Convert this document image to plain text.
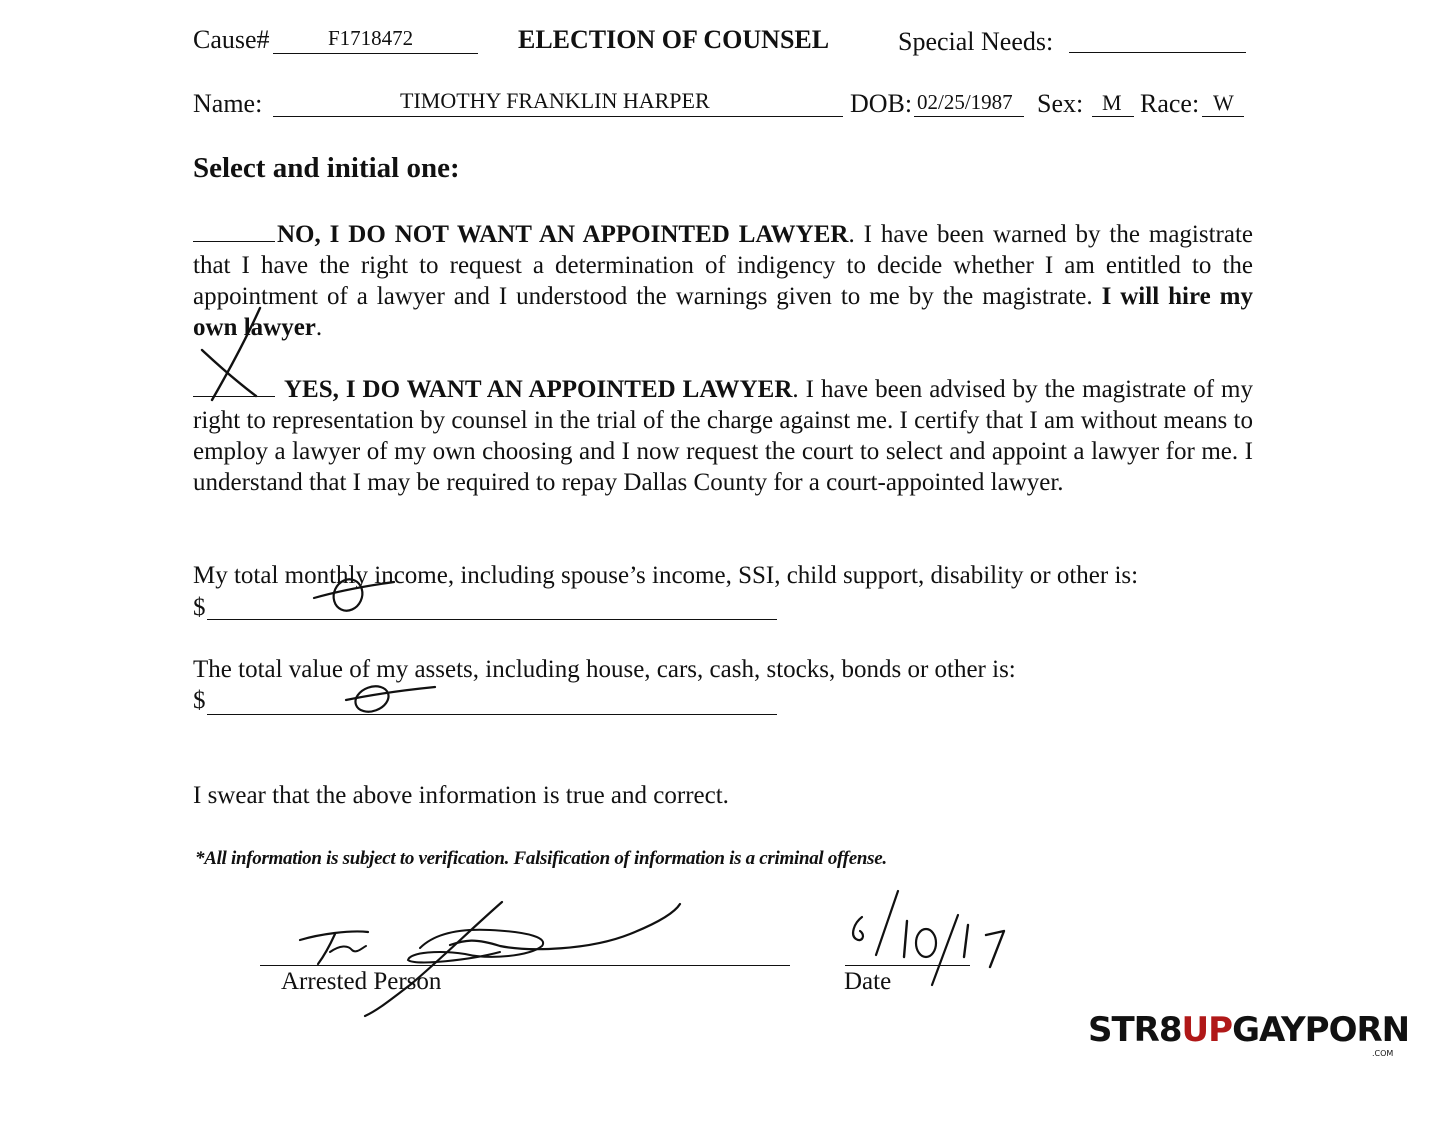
Cause#	F1718472	ELECTION OF COUNSEL	Special Needs:
Name:	TIMOTHY FRANKLIN HARPER	DOB: 02/25/1987 Sex: M Race: W
Select and initial one:
NO, I DO NOT WANT AN APPOINTED LAWYER. I have been warned by the magistrate that I have the right to request a determination of indigency to decide whether I am entitled to the appointment of a lawyer and I understood the warnings given to me by the magistrate. I will hire my own lawyer.
YES, I DO WANT AN APPOINTED LAWYER. I have been advised by the magistrate of my right to representation by counsel in the trial of the charge against me. I certify that I am without means to employ a lawyer of my own choosing and I now request the court to select and appoint a lawyer for me. I understand that I may be required to repay Dallas County for a court-appointed lawyer.
My total monthly income, including spouse’s income, SSI, child support, disability or other is:
$
The total value of my assets, including house, cars, cash, stocks, bonds or other is:
$
I swear that the above information is true and correct.
*All information is subject to verification. Falsification of information is a criminal offense.
Arrested Person	Date
STR8UPGAYPORN
.COM
